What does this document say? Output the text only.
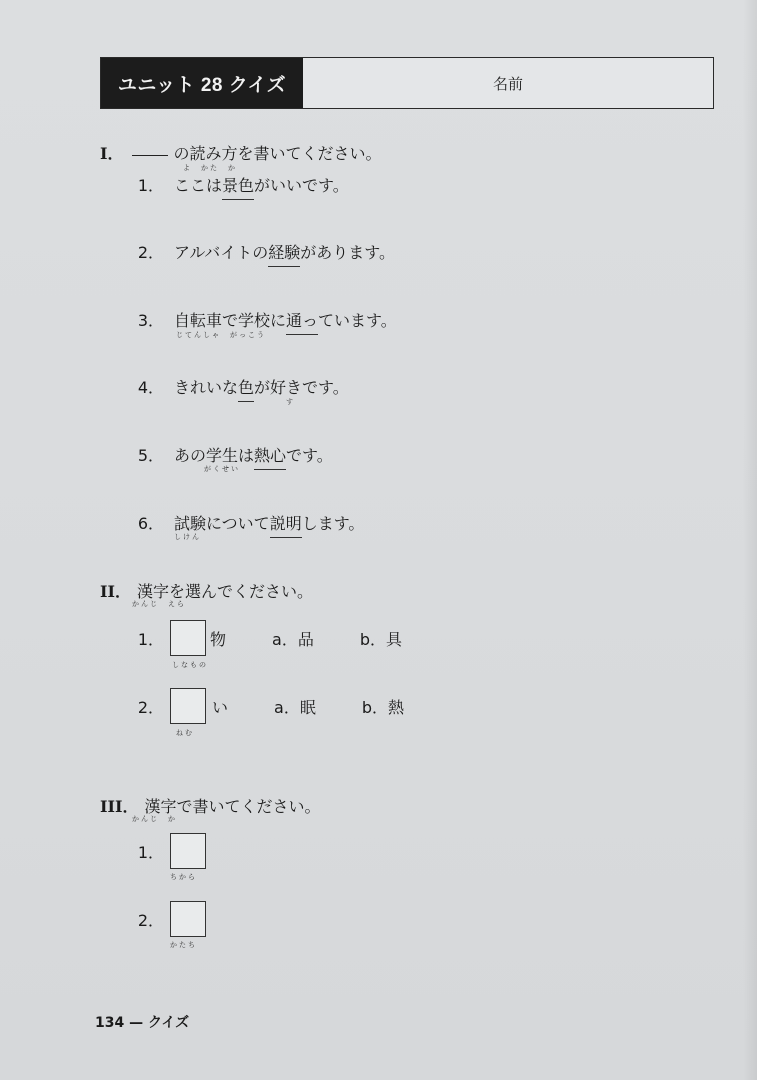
ユニット 28 クイズ	名前
I．	の読み方を書いてください。
よ　かた　か
1． ここは景色がいいです。
2． アルバイトの経験があります。
3． 自転車で学校に通っています。
じてんしゃ　がっこう
4． きれいな色が好きです。
す
5． あの学生は熱心です。
がくせい
6． 試験について説明します。
しけん
II． 漢字を選んでください。
かんじ　えら
1．	物	a．品	b．具
しなもの
2．	い	a．眠	b．熱
ねむ
III． 漢字で書いてください。
かんじ　か
1．
ちから
2．
かたち
134 — クイズ
